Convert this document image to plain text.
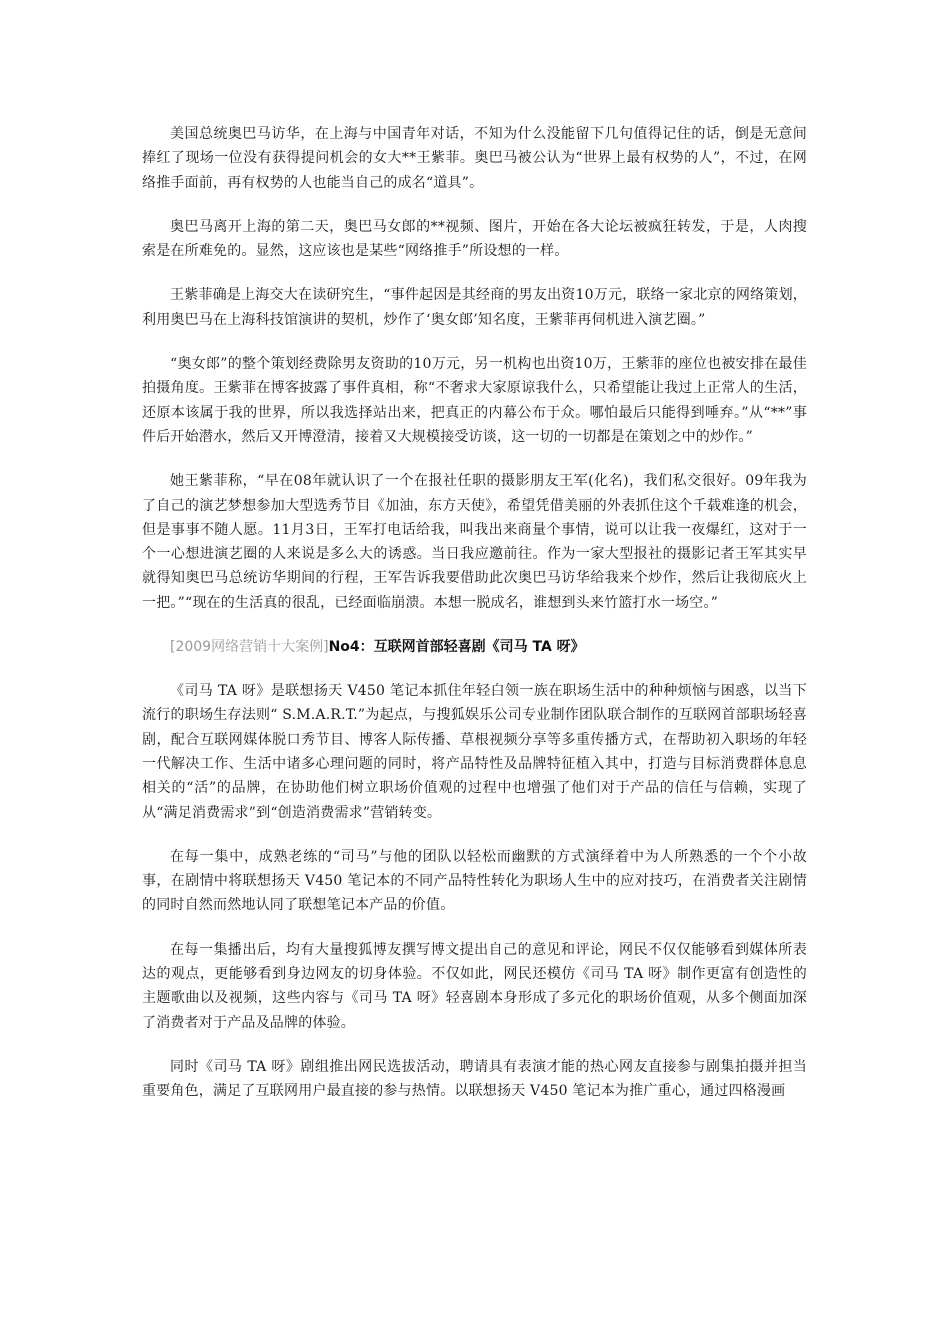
美国总统奥巴马访华，在上海与中国青年对话，不知为什么没能留下几句值得记住的话，倒是无意间捧红了现场一位没有获得提问机会的女大**王紫菲。奥巴马被公认为“世界上最有权势的人”，不过，在网络推手面前，再有权势的人也能当自己的成名“道具”。

奥巴马离开上海的第二天，奥巴马女郎的**视频、图片，开始在各大论坛被疯狂转发，于是，人肉搜索是在所难免的。显然，这应该也是某些“网络推手”所设想的一样。

王紫菲确是上海交大在读研究生，“事件起因是其经商的男友出资10万元，联络一家北京的网络策划，利用奥巴马在上海科技馆演讲的契机，炒作了‘奥女郎’知名度，王紫菲再伺机进入演艺圈。”

“奥女郎”的整个策划经费除男友资助的10万元，另一机构也出资10万，王紫菲的座位也被安排在最佳拍摄角度。王紫菲在博客披露了事件真相，称“不奢求大家原谅我什么，只希望能让我过上正常人的生活，还原本该属于我的世界，所以我选择站出来，把真正的内幕公布于众。哪怕最后只能得到唾弃。”从“**”事件后开始潜水，然后又开博澄清，接着又大规模接受访谈，这一切的一切都是在策划之中的炒作。”

她王紫菲称，“早在08年就认识了一个在报社任职的摄影朋友王军(化名)，我们私交很好。09年我为了自己的演艺梦想参加大型选秀节目《加油，东方天使》，希望凭借美丽的外表抓住这个千载难逢的机会，但是事事不随人愿。11月3日，王军打电话给我，叫我出来商量个事情，说可以让我一夜爆红，这对于一个一心想进演艺圈的人来说是多么大的诱惑。当日我应邀前往。作为一家大型报社的摄影记者王军其实早就得知奥巴马总统访华期间的行程，王军告诉我要借助此次奥巴马访华给我来个炒作，然后让我彻底火上一把。”“现在的生活真的很乱，已经面临崩溃。本想一脱成名，谁想到头来竹篮打水一场空。”

[2009网络营销十大案例]No4：互联网首部轻喜剧《司马 TA 呀》

《司马 TA 呀》是联想扬天 V450 笔记本抓住年轻白领一族在职场生活中的种种烦恼与困惑，以当下流行的职场生存法则“ S.M.A.R.T.”为起点，与搜狐娱乐公司专业制作团队联合制作的互联网首部职场轻喜剧，配合互联网媒体脱口秀节目、博客人际传播、草根视频分享等多重传播方式，在帮助初入职场的年轻一代解决工作、生活中诸多心理问题的同时，将产品特性及品牌特征植入其中，打造与目标消费群体息息相关的“活”的品牌，在协助他们树立职场价值观的过程中也增强了他们对于产品的信任与信赖，实现了从“满足消费需求”到“创造消费需求”营销转变。

在每一集中，成熟老练的“司马”与他的团队以轻松而幽默的方式演绎着中为人所熟悉的一个个小故事，在剧情中将联想扬天 V450 笔记本的不同产品特性转化为职场人生中的应对技巧，在消费者关注剧情的同时自然而然地认同了联想笔记本产品的价值。

在每一集播出后，均有大量搜狐博友撰写博文提出自己的意见和评论，网民不仅仅能够看到媒体所表达的观点，更能够看到身边网友的切身体验。不仅如此，网民还模仿《司马 TA 呀》制作更富有创造性的主题歌曲以及视频，这些内容与《司马 TA 呀》轻喜剧本身形成了多元化的职场价值观，从多个侧面加深了消费者对于产品及品牌的体验。

同时《司马 TA 呀》剧组推出网民选拔活动，聘请具有表演才能的热心网友直接参与剧集拍摄并担当重要角色，满足了互联网用户最直接的参与热情。以联想扬天 V450 笔记本为推广重心，通过四格漫画
